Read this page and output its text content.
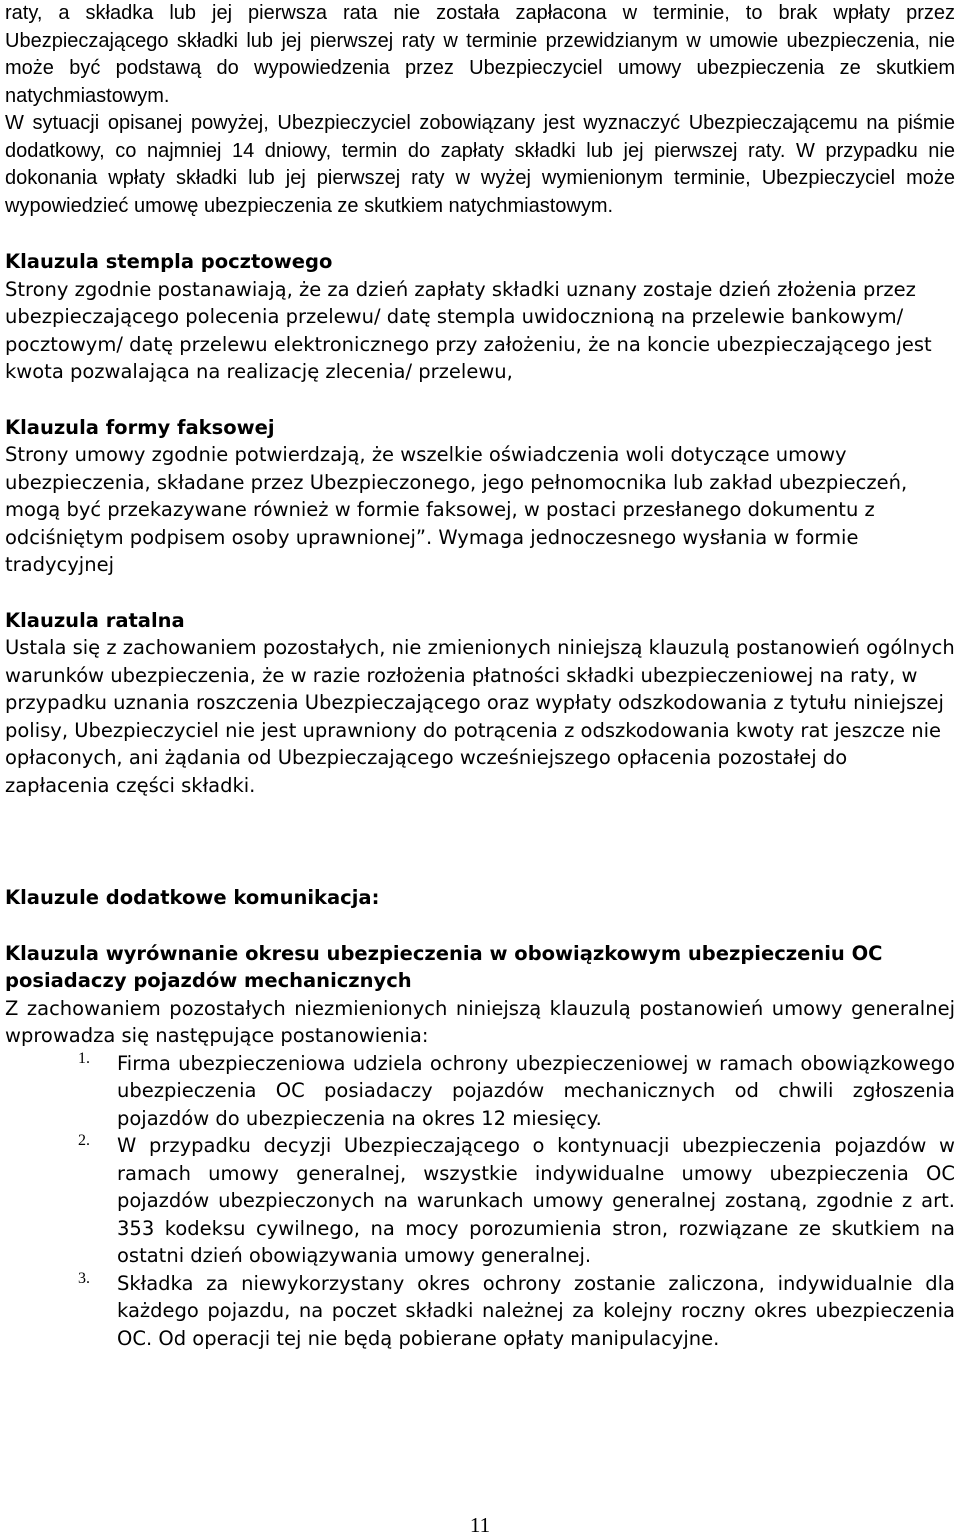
raty, a składka lub jej pierwsza rata nie została zapłacona w terminie, to brak wpłaty przez Ubezpieczającego składki lub jej pierwszej raty w terminie przewidzianym w umowie ubezpieczenia, nie może być podstawą do wypowiedzenia przez Ubezpieczyciel umowy ubezpieczenia ze skutkiem natychmiastowym.

W sytuacji opisanej powyżej, Ubezpieczyciel zobowiązany jest wyznaczyć Ubezpieczającemu na piśmie dodatkowy, co najmniej 14 dniowy, termin do zapłaty składki lub jej pierwszej raty. W przypadku nie dokonania wpłaty składki lub jej pierwszej raty w wyżej wymienionym terminie, Ubezpieczyciel może wypowiedzieć umowę ubezpieczenia ze skutkiem natychmiastowym.

Klauzula stempla pocztowego

Strony zgodnie postanawiają, że za dzień zapłaty składki uznany zostaje dzień złożenia przez ubezpieczającego polecenia przelewu/ datę stempla uwidocznioną na przelewie bankowym/ pocztowym/ datę przelewu elektronicznego przy założeniu, że na koncie ubezpieczającego jest kwota pozwalająca na realizację zlecenia/ przelewu,

Klauzula formy faksowej

Strony umowy zgodnie potwierdzają, że wszelkie oświadczenia woli dotyczące umowy ubezpieczenia, składane przez Ubezpieczonego, jego pełnomocnika lub zakład ubezpieczeń, mogą być przekazywane również w formie faksowej, w postaci przesłanego dokumentu z odciśniętym podpisem osoby uprawnionej”. Wymaga jednoczesnego wysłania w formie tradycyjnej

Klauzula ratalna

Ustala się z zachowaniem pozostałych, nie zmienionych niniejszą klauzulą postanowień ogólnych warunków ubezpieczenia, że w razie rozłożenia płatności składki ubezpieczeniowej na raty, w przypadku uznania roszczenia Ubezpieczającego oraz wypłaty odszkodowania z tytułu niniejszej polisy, Ubezpieczyciel nie jest uprawniony do potrącenia z odszkodowania kwoty rat jeszcze nie opłaconych, ani żądania od Ubezpieczającego wcześniejszego opłacenia pozostałej do zapłacenia części składki.

Klauzule dodatkowe komunikacja:
Klauzula wyrównanie okresu ubezpieczenia w obowiązkowym ubezpieczeniu OC posiadaczy pojazdów mechanicznych

Z zachowaniem pozostałych niezmienionych niniejszą klauzulą postanowień umowy generalnej wprowadza się następujące postanowienia:

1. Firma ubezpieczeniowa udziela ochrony ubezpieczeniowej w ramach obowiązkowego ubezpieczenia OC posiadaczy pojazdów mechanicznych od chwili zgłoszenia pojazdów do ubezpieczenia na okres 12 miesięcy.
2. W przypadku decyzji Ubezpieczającego o kontynuacji ubezpieczenia pojazdów w ramach umowy generalnej, wszystkie indywidualne umowy ubezpieczenia OC pojazdów ubezpieczonych na warunkach umowy generalnej zostaną, zgodnie z art. 353 kodeksu cywilnego, na mocy porozumienia stron, rozwiązane ze skutkiem na ostatni dzień obowiązywania umowy generalnej.
3. Składka za niewykorzystany okres ochrony zostanie zaliczona, indywidualnie dla każdego pojazdu, na poczet składki należnej za kolejny roczny okres ubezpieczenia OC. Od operacji tej nie będą pobierane opłaty manipulacyjne.
11
